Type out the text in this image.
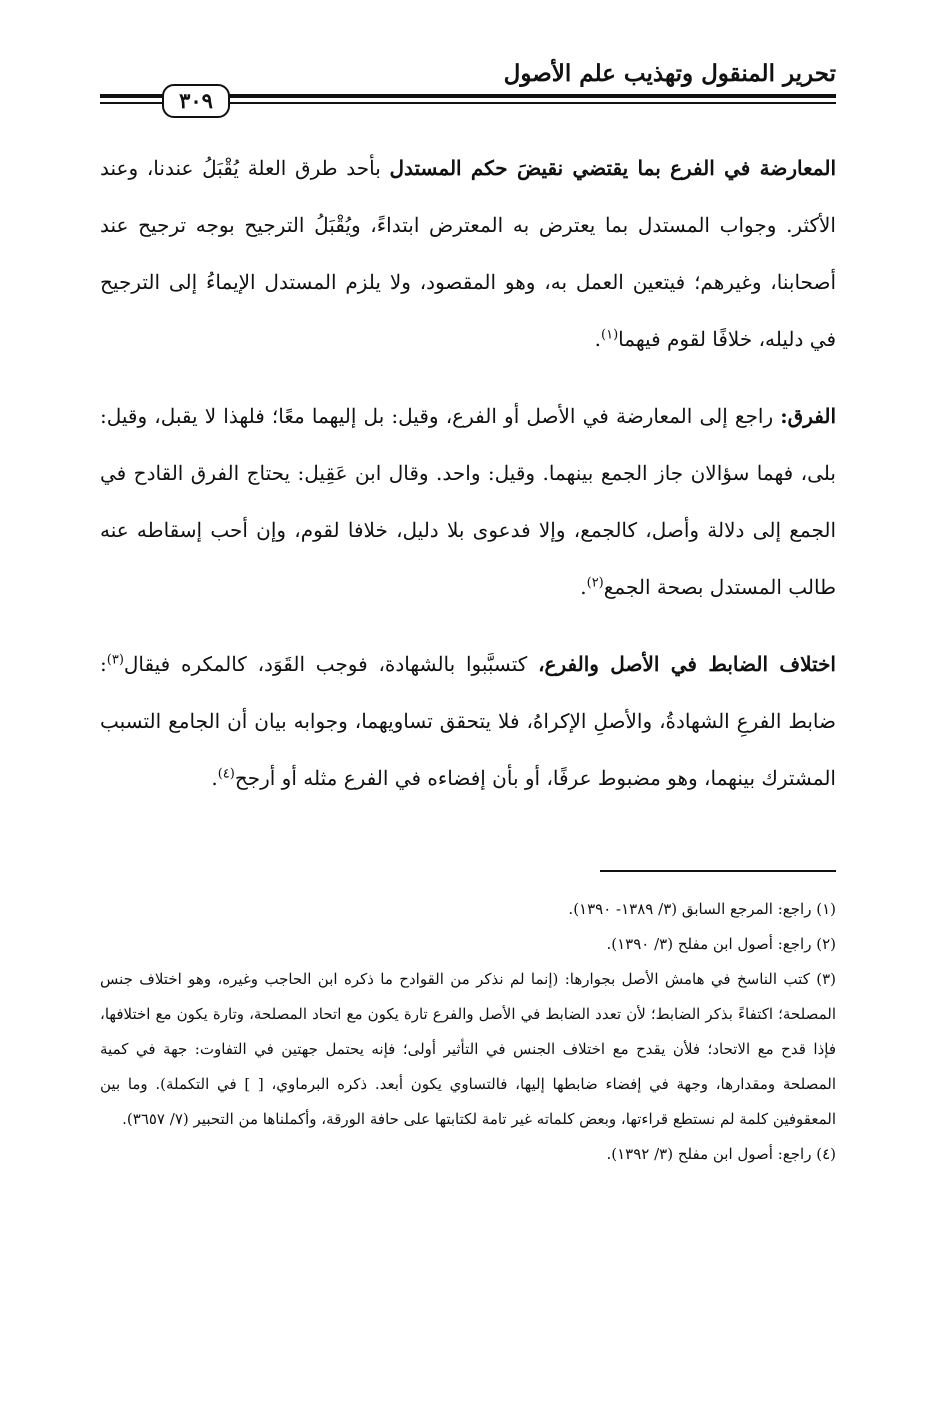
تحرير المنقول وتهذيب علم الأصول
٣٠٩

المعارضة في الفرع بما يقتضي نقيضَ حكم المستدل بأحد طرق العلة يُقْبَلُ عندنا، وعند الأكثر. وجواب المستدل بما يعترض به المعترض ابتداءً، ويُقْبَلُ الترجيح بوجه ترجيح عند أصحابنا، وغيرهم؛ فيتعين العمل به، وهو المقصود، ولا يلزم المستدل الإيماءُ إلى الترجيح في دليله، خلافًا لقوم فيهما$^{(١)}$.

الفرق: راجع إلى المعارضة في الأصل أو الفرع، وقيل: بل إليهما معًا؛ فلهذا لا يقبل، وقيل: بلى، فهما سؤالان جاز الجمع بينهما. وقيل: واحد. وقال ابن عَقِيل: يحتاج الفرق القادح في الجمع إلى دلالة وأصل، كالجمع، وإلا فدعوى بلا دليل، خلافا لقوم، وإن أحب إسقاطه عنه طالب المستدل بصحة الجمع$^{(٢)}$.

اختلاف الضابط في الأصل والفرع، كتسبَّبوا بالشهادة، فوجب القَوَد، كالمكره فيقال$^{(٣)}$: ضابط الفرعِ الشهادةُ، والأصلِ الإكراهُ، فلا يتحقق تساويهما، وجوابه بيان أن الجامع التسبب المشترك بينهما، وهو مضبوط عرفًا، أو بأن إفضاءه في الفرع مثله أو أرجح$^{(٤)}$.

(١) راجع: المرجع السابق (٣/ ١٣٨٩- ١٣٩٠).

(٢) راجع: أصول ابن مفلح (٣/ ١٣٩٠).

(٣) كتب الناسخ في هامش الأصل بجوارها: (إنما لم نذكر من القوادح ما ذكره ابن الحاجب وغيره، وهو اختلاف جنس المصلحة؛ اكتفاءً بذكر الضابط؛ لأن تعدد الضابط في الأصل والفرع تارة يكون مع اتحاد المصلحة، وتارة يكون مع اختلافها، فإذا قدح مع الاتحاد؛ فلأن يقدح مع اختلاف الجنس في التأثير أولى؛ فإنه يحتمل جهتين في التفاوت: جهة في كمية المصلحة ومقدارها، وجهة في إفضاء ضابطها إليها، فالتساوي يكون أبعد. ذكره البرماوي، [ ] في التكملة). وما بين المعقوفين كلمة لم نستطع قراءتها، وبعض كلماته غير تامة لكتابتها على حافة الورقة، وأكملناها من التحبير (٧/ ٣٦٥٧).

(٤) راجع: أصول ابن مفلح (٣/ ١٣٩٢).
